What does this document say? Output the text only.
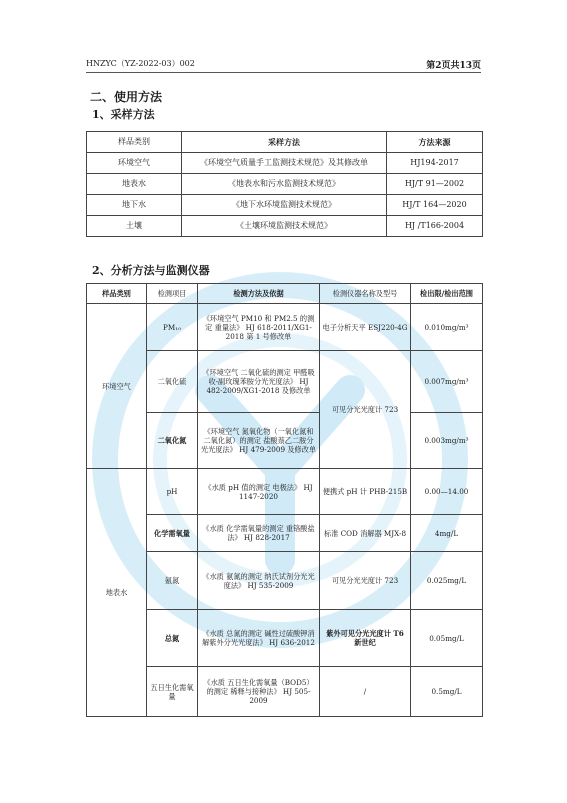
HNZYC（YZ-2022-03）002	第2页共13页
二、使用方法
1、采样方法
样品类别	采样方法	方法来源
环境空气	《环境空气质量手工监测技术规范》及其修改单	HJ194-2017
地表水	《地表水和污水监测技术规范》	HJ/T 91—2002
地下水	《地下水环境监测技术规范》	HJ/T 164—2020
土壤	《土壤环境监测技术规范》	HJ /T166-2004
2、分析方法与监测仪器
样品类别	检测项目	检测方法及依据	检测仪器名称及型号	检出限/检出范围
环境空气	PM₁₀	《环境空气 PM10 和 PM2.5 的测定 重量法》 HJ 618-2011/XG1-2018 第 1 号修改单	电子分析天平 ESJ220-4G	0.010mg/m³
	二氧化硫	《环境空气 二氧化硫的测定 甲醛吸收-副玫瑰苯胺分光光度法》 HJ 482-2009/XG1-2018 及修改单	可见分光光度计 723	0.007mg/m³
	二氧化氮	《环境空气 氮氧化物（一氧化氮和二氧化氮）的测定 盐酸萘乙二胺分光光度法》 HJ 479-2009 及修改单		0.003mg/m³
地表水	pH	《水质 pH 值的测定 电极法》 HJ 1147-2020	便携式 pH 计 PHB-215B	0.00—14.00
	化学需氧量	《水质 化学需氧量的测定 重铬酸盐法》 HJ 828-2017	标准 COD 消解器 MJX-8	4mg/L
	氨氮	《水质 氨氮的测定 纳氏试剂分光光度法》 HJ 535-2009	可见分光光度计 723	0.025mg/L
	总氮	《水质 总氮的测定 碱性过硫酸钾消解紫外分光光度法》 HJ 636-2012	紫外可见分光光度计 T6 新世纪	0.05mg/L
	五日生化需氧量	《水质 五日生化需氧量（BOD5）的测定 稀释与接种法》 HJ 505-2009	/	0.5mg/L
